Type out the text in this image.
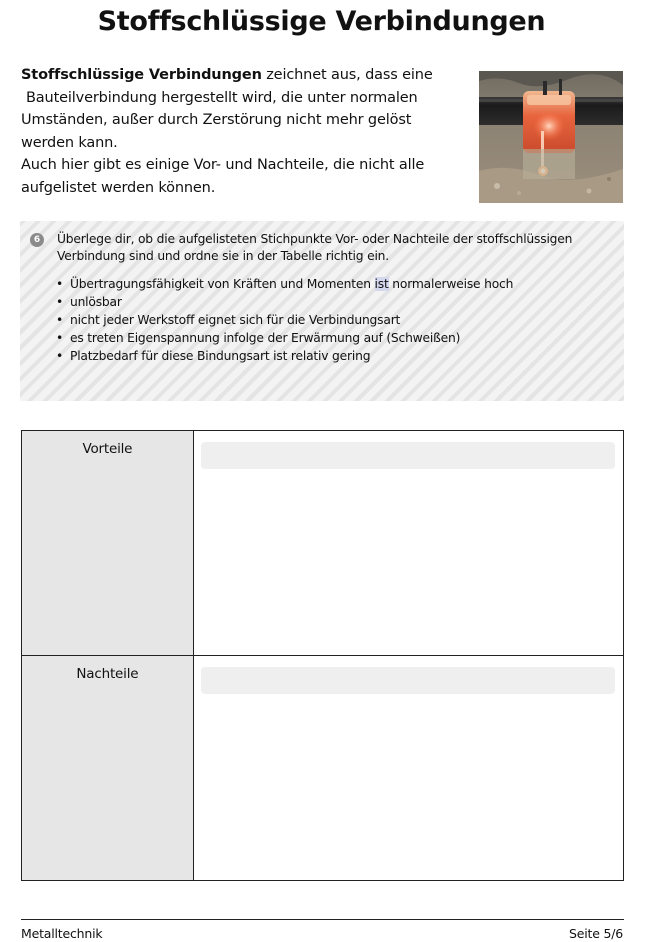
Stoffschlüssige Verbindungen

Stoffschlüssige Verbindungen zeichnet aus, dass eine

Bauteilverbindung hergestellt wird, die unter normalen

Umständen, außer durch Zerstörung nicht mehr gelöst

werden kann.

Auch hier gibt es einige Vor- und Nachteile, die nicht alle

aufgelistet werden können.

6	Überlege dir, ob die aufgelisteten Stichpunkte Vor- oder Nachteile der stoffschlüssigen
Verbindung sind und ordne sie in der Tabelle richtig ein.
• Übertragungsfähigkeit von Kräften und Momenten ist normalerweise hoch
• unlösbar
• nicht jeder Werkstoff eignet sich für die Verbindungsart
• es treten Eigenspannung infolge der Erwärmung auf (Schweißen)
• Platzbedarf für diese Bindungsart ist relativ gering
Vorteile	

Nachteile	

Metalltechnik	Seite 5/6
